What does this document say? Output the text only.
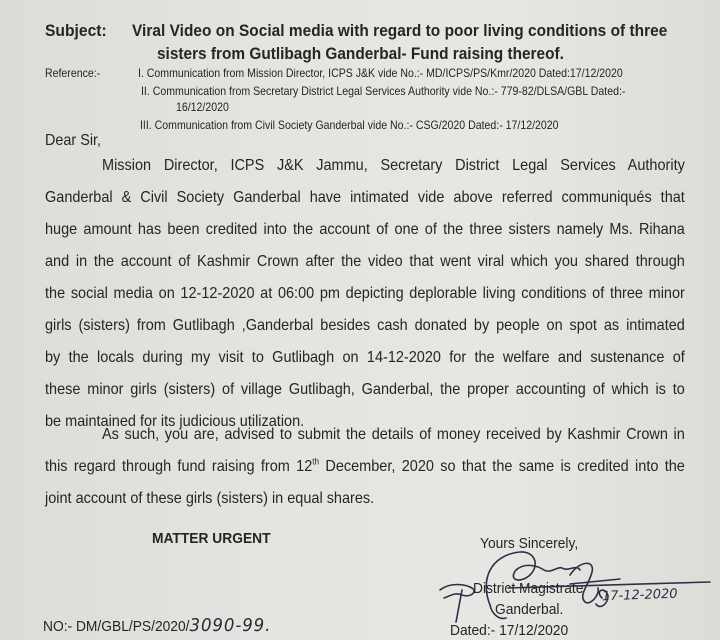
Subject: Viral Video on Social media with regard to poor living conditions of three
sisters from Gutlibagh Ganderbal- Fund raising thereof.
Reference:-	I. Communication from Mission Director, ICPS J&K vide No.:- MD/ICPS/PS/Kmr/2020 Dated:17/12/2020
II. Communication from Secretary District Legal Services Authority vide No.:- 779-82/DLSA/GBL Dated:-
16/12/2020
III. Communication from Civil Society Ganderbal vide No.:- CSG/2020 Dated:- 17/12/2020
Dear Sir,
Mission Director, ICPS J&K Jammu, Secretary District Legal Services Authority
Ganderbal & Civil Society Ganderbal have intimated vide above referred communiqués that
huge amount has been credited into the account of one of the three sisters namely Ms. Rihana
and in the account of Kashmir Crown after the video that went viral which you shared through
the social media on 12-12-2020 at 06:00 pm depicting deplorable living conditions of three minor
girls (sisters) from Gutlibagh ,Ganderbal besides cash donated by people on spot as intimated
by the locals during my visit to Gutlibagh on 14-12-2020 for the welfare and sustenance of
these minor girls (sisters) of village Gutlibagh, Ganderbal, the proper accounting of which is to
be maintained for its judicious utilization.
As such, you are, advised to submit the details of money received by Kashmir Crown in
this regard through fund raising from 12th December, 2020 so that the same is credited into the
joint account of these girls (sisters) in equal shares.
MATTER URGENT	Yours Sincerely,
District Magistrate
Ganderbal.
Dated:- 17/12/2020
17-12-2020
NO:- DM/GBL/PS/2020/3090-99.
